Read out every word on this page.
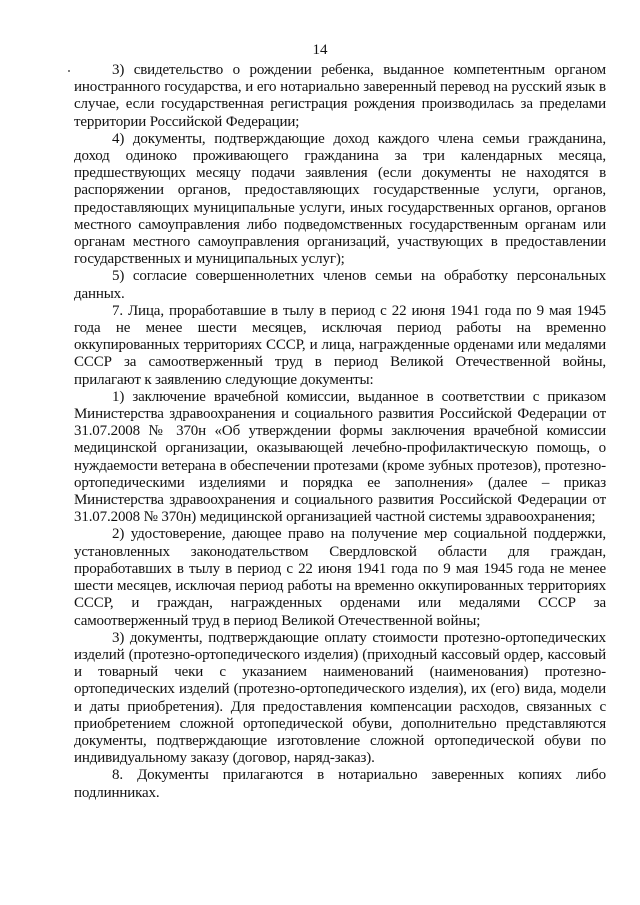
14

3) свидетельство о рождении ребенка, выданное компетентным органом иностранного государства, и его нотариально заверенный перевод на русский язык в случае, если государственная регистрация рождения производилась за пределами территории Российской Федерации;

4) документы, подтверждающие доход каждого члена семьи гражданина, доход одиноко проживающего гражданина за три календарных месяца, предшествующих месяцу подачи заявления (если документы не находятся в распоряжении органов, предоставляющих государственные услуги, органов, предоставляющих муниципальные услуги, иных государственных органов, органов местного самоуправления либо подведомственных государственным органам или органам местного самоуправления организаций, участвующих в предоставлении государственных и муниципальных услуг);

5) согласие совершеннолетних членов семьи на обработку персональных данных.

7. Лица, проработавшие в тылу в период с 22 июня 1941 года по 9 мая 1945 года не менее шести месяцев, исключая период работы на временно оккупированных территориях СССР, и лица, награжденные орденами или медалями СССР за самоотверженный труд в период Великой Отечественной войны, прилагают к заявлению следующие документы:

1) заключение врачебной комиссии, выданное в соответствии с приказом Министерства здравоохранения и социального развития Российской Федерации от 31.07.2008 № 370н «Об утверждении формы заключения врачебной комиссии медицинской организации, оказывающей лечебно-профилактическую помощь, о нуждаемости ветерана в обеспечении протезами (кроме зубных протезов), протезно-ортопедическими изделиями и порядка ее заполнения» (далее – приказ Министерства здравоохранения и социального развития Российской Федерации от 31.07.2008 № 370н) медицинской организацией частной системы здравоохранения;

2) удостоверение, дающее право на получение мер социальной поддержки, установленных законодательством Свердловской области для граждан, проработавших в тылу в период с 22 июня 1941 года по 9 мая 1945 года не менее шести месяцев, исключая период работы на временно оккупированных территориях СССР, и граждан, награжденных орденами или медалями СССР за самоотверженный труд в период Великой Отечественной войны;

3) документы, подтверждающие оплату стоимости протезно-ортопедических изделий (протезно-ортопедического изделия) (приходный кассовый ордер, кассовый и товарный чеки с указанием наименований (наименования) протезно-ортопедических изделий (протезно-ортопедического изделия), их (его) вида, модели и даты приобретения). Для предоставления компенсации расходов, связанных с приобретением сложной ортопедической обуви, дополнительно представляются документы, подтверждающие изготовление сложной ортопедической обуви по индивидуальному заказу (договор, наряд-заказ).

8. Документы прилагаются в нотариально заверенных копиях либо подлинниках.
